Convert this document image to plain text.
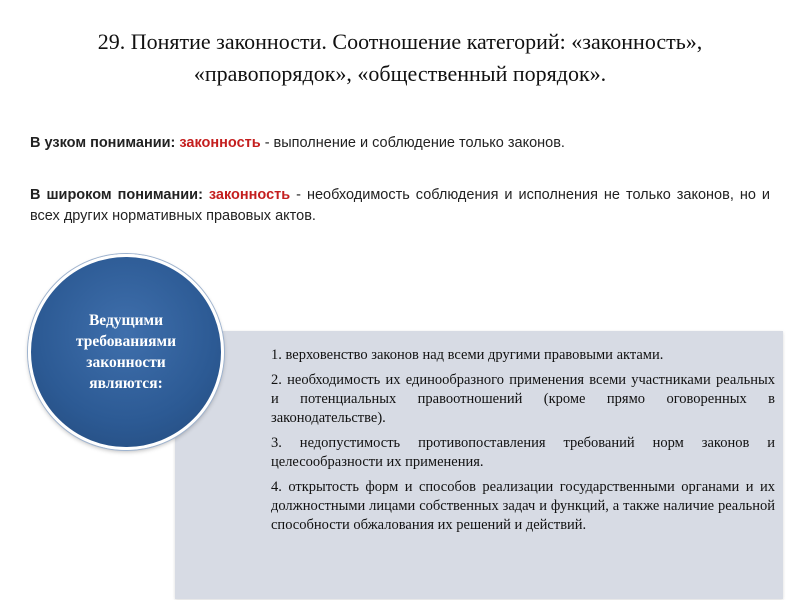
29. Понятие законности. Соотношение категорий: «законность», «правопорядок», «общественный порядок».
В узком понимании: законность - выполнение и соблюдение только законов.
В широком понимании: законность - необходимость соблюдения и исполнения не только законов, но и всех других нормативных правовых актов.
Ведущими требованиями законности являются:
1. верховенство законов над всеми другими правовыми актами.
2. необходимость их единообразного применения всеми участниками реальных и потенциальных правоотношений (кроме прямо оговоренных в законодательстве).
3. недопустимость противопоставления требований норм законов и целесообразности их применения.
4. открытость форм и способов реализации государственными органами и их должностными лицами собственных задач и функций, а также наличие реальной способности обжалования их решений и действий.
